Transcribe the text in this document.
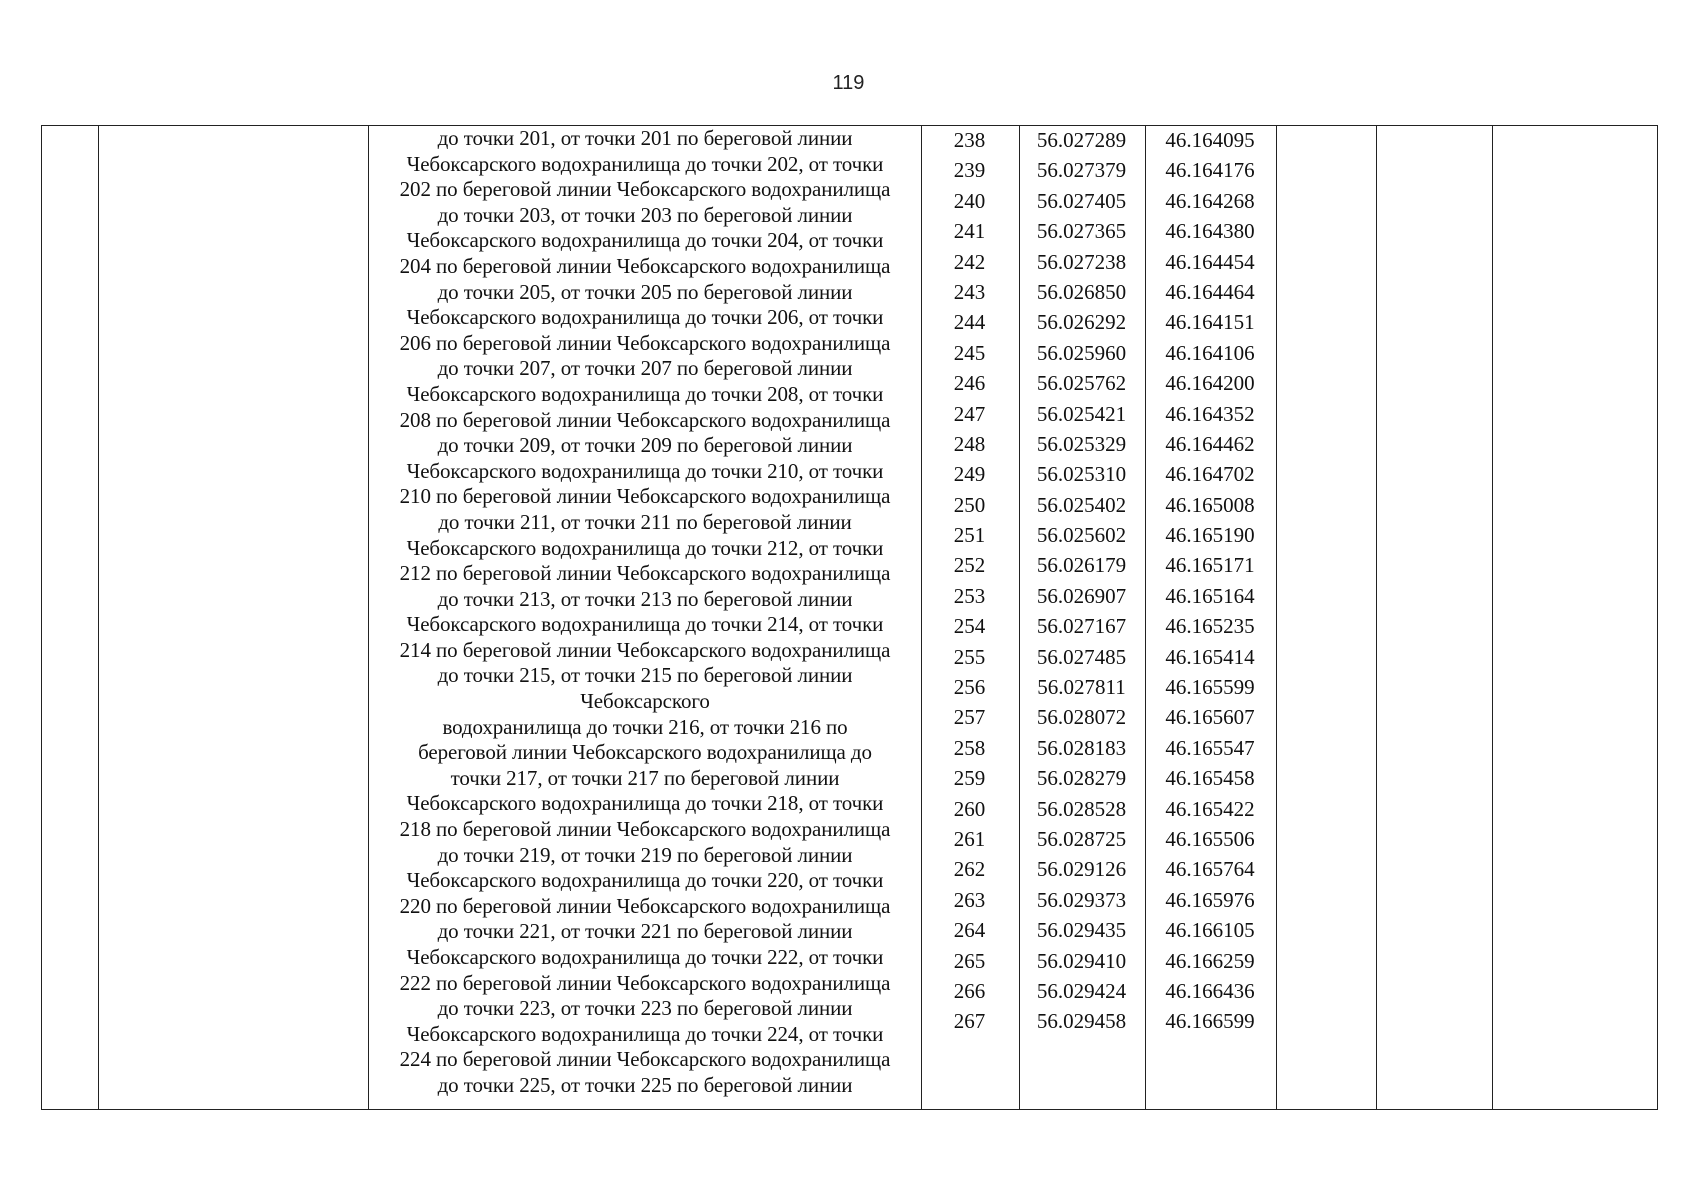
119
до точки 201, от точки 201 по береговой линии
Чебоксарского водохранилища до точки 202, от точки
202 по береговой линии Чебоксарского водохранилища
до точки 203, от точки 203 по береговой линии
Чебоксарского водохранилища до точки 204, от точки
204 по береговой линии Чебоксарского водохранилища
до точки 205, от точки 205 по береговой линии
Чебоксарского водохранилища до точки 206, от точки
206 по береговой линии Чебоксарского водохранилища
до точки 207, от точки 207 по береговой линии
Чебоксарского водохранилища до точки 208, от точки
208 по береговой линии Чебоксарского водохранилища
до точки 209, от точки 209 по береговой линии
Чебоксарского водохранилища до точки 210, от точки
210 по береговой линии Чебоксарского водохранилища
до точки 211, от точки 211 по береговой линии
Чебоксарского водохранилища до точки 212, от точки
212 по береговой линии Чебоксарского водохранилища
до точки 213, от точки 213 по береговой линии
Чебоксарского водохранилища до точки 214, от точки
214 по береговой линии Чебоксарского водохранилища
до точки 215, от точки 215 по береговой линии
Чебоксарского
водохранилища до точки 216, от точки 216 по
береговой линии Чебоксарского водохранилища до
точки 217, от точки 217 по береговой линии
Чебоксарского водохранилища до точки 218, от точки
218 по береговой линии Чебоксарского водохранилища
до точки 219, от точки 219 по береговой линии
Чебоксарского водохранилища до точки 220, от точки
220 по береговой линии Чебоксарского водохранилища
до точки 221, от точки 221 по береговой линии
Чебоксарского водохранилища до точки 222, от точки
222 по береговой линии Чебоксарского водохранилища
до точки 223, от точки 223 по береговой линии
Чебоксарского водохранилища до точки 224, от точки
224 по береговой линии Чебоксарского водохранилища
до точки 225, от точки 225 по береговой линии
238	56.027289	46.164095
239	56.027379	46.164176
240	56.027405	46.164268
241	56.027365	46.164380
242	56.027238	46.164454
243	56.026850	46.164464
244	56.026292	46.164151
245	56.025960	46.164106
246	56.025762	46.164200
247	56.025421	46.164352
248	56.025329	46.164462
249	56.025310	46.164702
250	56.025402	46.165008
251	56.025602	46.165190
252	56.026179	46.165171
253	56.026907	46.165164
254	56.027167	46.165235
255	56.027485	46.165414
256	56.027811	46.165599
257	56.028072	46.165607
258	56.028183	46.165547
259	56.028279	46.165458
260	56.028528	46.165422
261	56.028725	46.165506
262	56.029126	46.165764
263	56.029373	46.165976
264	56.029435	46.166105
265	56.029410	46.166259
266	56.029424	46.166436
267	56.029458	46.166599
